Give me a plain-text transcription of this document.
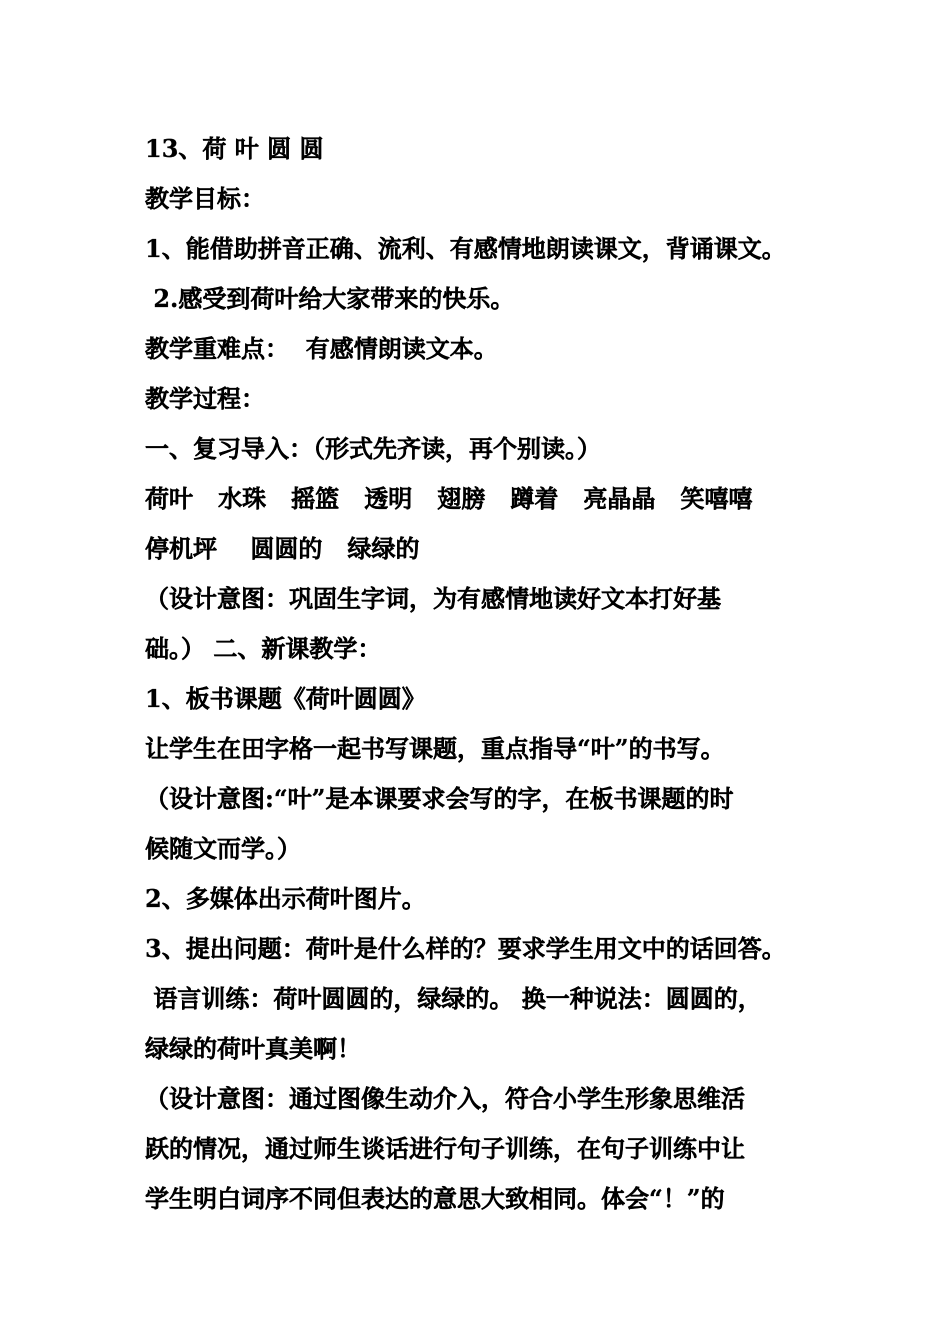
13、荷 叶 圆 圆
教学目标：
1、能借助拼音正确、流利、有感情地朗读课文，背诵课文。
2.感受到荷叶给大家带来的快乐。
教学重难点：  有感情朗读文本。
教学过程：
一、复习导入：（形式先齐读，再个别读。）
荷叶   水珠   摇篮   透明   翅膀   蹲着   亮晶晶   笑嘻嘻
停机坪    圆圆的   绿绿的
（设计意图：巩固生字词，为有感情地读好文本打好基
础。） 二、新课教学：
1、板书课题《荷叶圆圆》
让学生在田字格一起书写课题，重点指导“叶”的书写。
（设计意图:“叶”是本课要求会写的字，在板书课题的时
候随文而学。）
2、多媒体出示荷叶图片。
3、提出问题：荷叶是什么样的？要求学生用文中的话回答。
语言训练：荷叶圆圆的，绿绿的。 换一种说法：圆圆的，
绿绿的荷叶真美啊！
（设计意图：通过图像生动介入，符合小学生形象思维活
跃的情况，通过师生谈话进行句子训练，在句子训练中让
学生明白词序不同但表达的意思大致相同。体会“！”的
